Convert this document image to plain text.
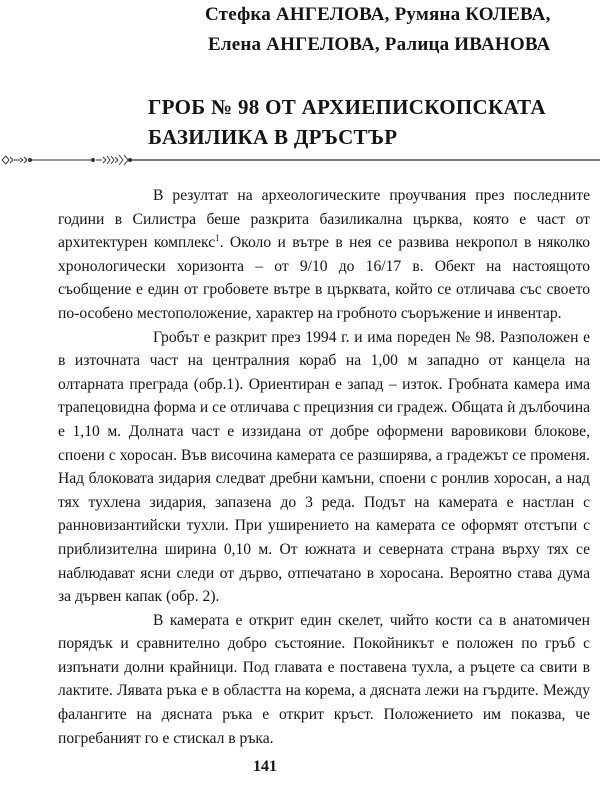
Стефка АНГЕЛОВА, Румяна КОЛЕВА,
Елена АНГЕЛОВА, Ралица ИВАНОВА
ГРОБ № 98 ОТ АРХИЕПИСКОПСКАТА
БАЗИЛИКА В ДРЪСТЪР

В резултат на археологическите проучвания през последните години в Силистра беше разкрита базиликална църква, която е част от архитектурен комплекс$^1$. Около и вътре в нея се развива некропол в няколко хронологически хоризонта – от 9/10 до 16/17 в. Обект на настоящото съобщение е един от гробовете вътре в църквата, който се отличава със своето по-особено местоположение, характер на гробното съоръжение и инвентар.

Гробът е разкрит през 1994 г. и има пореден № 98. Разположен е в източната част на централния кораб на 1,00 м западно от канцела на олтарната преграда (обр.1). Ориентиран е запад – изток. Гробната камера има трапецовидна форма и се отличава с прецизния си градеж. Общата ѝ дълбочина е 1,10 м. Долната част е иззидана от добре оформени варовикови блокове, споени с хоросан. Във височина камерата се разширява, а градежът се променя. Над блоковата зидария следват дребни камъни, споени с ронлив хоросан, а над тях тухлена зидария, запазена до 3 реда. Подът на камерата е настлан с ранновизантийски тухли. При уширението на камерата се оформят отстъпи с приблизителна ширина 0,10 м. От южната и северната страна върху тях се наблюдават ясни следи от дърво, отпечатано в хоросана. Вероятно става дума за дървен капак (обр. 2).

В камерата е открит един скелет, чийто кости са в анатомичен порядък и сравнително добро състояние. Покойникът е положен по гръб с изпънати долни крайници. Под главата е поставена тухла, а ръцете са свити в лактите. Лявата ръка е в областта на корема, а дясната лежи на гърдите. Между фалангите на дясната ръка е открит кръст. Положението им показва, че погребаният го е стискал в ръка.

141
